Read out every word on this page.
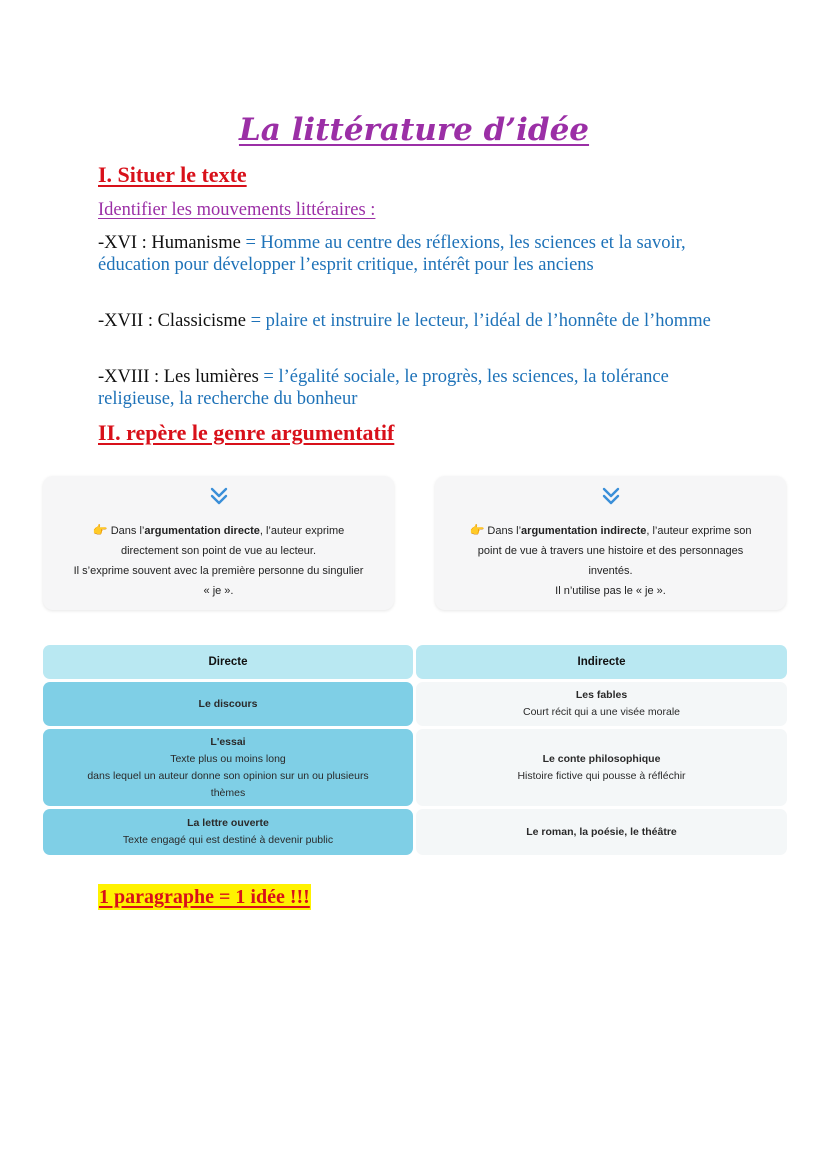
La littérature d’idée
I. Situer le texte
Identifier les mouvements littéraires :
-XVI : Humanisme = Homme au centre des réflexions, les sciences et la savoir, éducation pour développer l’esprit critique, intérêt pour les anciens
-XVII : Classicisme = plaire et instruire le lecteur, l’idéal de l’honnête de l’homme
-XVIII : Les lumières = l’égalité sociale, le progrès, les sciences, la tolérance religieuse, la recherche du bonheur
II. repère le genre argumentatif
👉 Dans l’argumentation directe, l’auteur exprime
directement son point de vue au lecteur.
Il s’exprime souvent avec la première personne du singulier
« je ».
👉 Dans l’argumentation indirecte, l’auteur exprime son
point de vue à travers une histoire et des personnages
inventés.
Il n’utilise pas le « je ».
Directe	Indirecte
Le discours
Les fables
Court récit qui a une visée morale
L'essai
Texte plus ou moins long
dans lequel un auteur donne son opinion sur un ou plusieurs
thèmes
Le conte philosophique
Histoire fictive qui pousse à réfléchir
La lettre ouverte
Texte engagé qui est destiné à devenir public
Le roman, la poésie, le théâtre
1 paragraphe = 1 idée !!!
